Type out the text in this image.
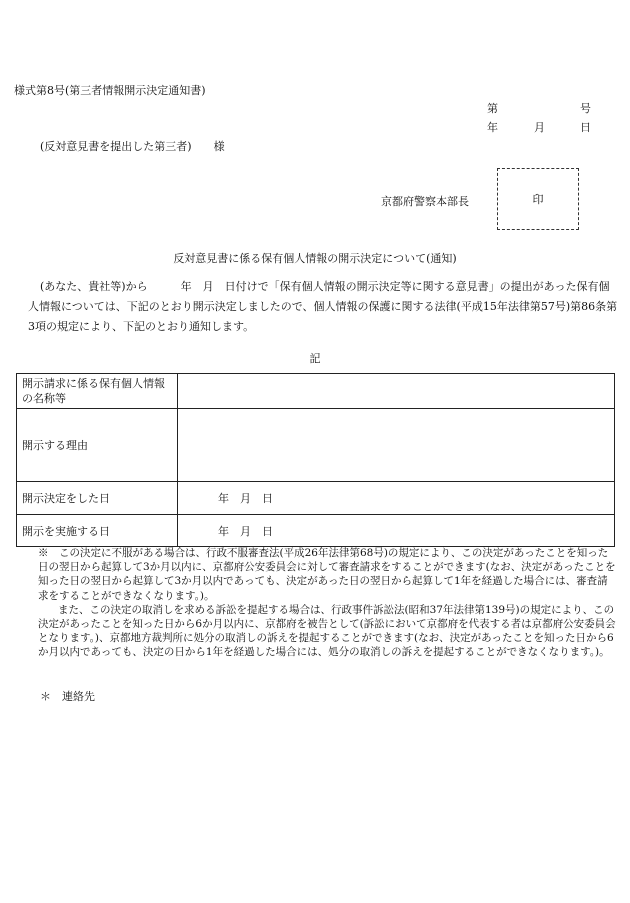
様式第8号(第三者情報開示決定通知書)
第	号
年	月	日
(反対意見書を提出した第三者)　　様
京都府警察本部長	印
反対意見書に係る保有個人情報の開示決定について(通知)

(あなた、貴社等)から　　　年　月　日付けで「保有個人情報の開示決定等に関する意見書」の提出があった保有個人情報については、下記のとおり開示決定しましたので、個人情報の保護に関する法律(平成15年法律第57号)第86条第3項の規定により、下記のとおり通知します。

記
開示請求に係る保有個人情報の名称等	
開示する理由	
開示決定をした日	年　月　日
開示を実施する日	年　月　日

※　この決定に不服がある場合は、行政不服審査法(平成26年法律第68号)の規定により、この決定があったことを知った日の翌日から起算して3か月以内に、京都府公安委員会に対して審査請求をすることができます(なお、決定があったことを知った日の翌日から起算して3か月以内であっても、決定があった日の翌日から起算して1年を経過した場合には、審査請求をすることができなくなります。)。

また、この決定の取消しを求める訴訟を提起する場合は、行政事件訴訟法(昭和37年法律第139号)の規定により、この決定があったことを知った日から6か月以内に、京都府を被告として(訴訟において京都府を代表する者は京都府公安委員会となります。)、京都地方裁判所に処分の取消しの訴えを提起することができます(なお、決定があったことを知った日から6か月以内であっても、決定の日から1年を経過した場合には、処分の取消しの訴えを提起することができなくなります。)。

＊　連絡先
